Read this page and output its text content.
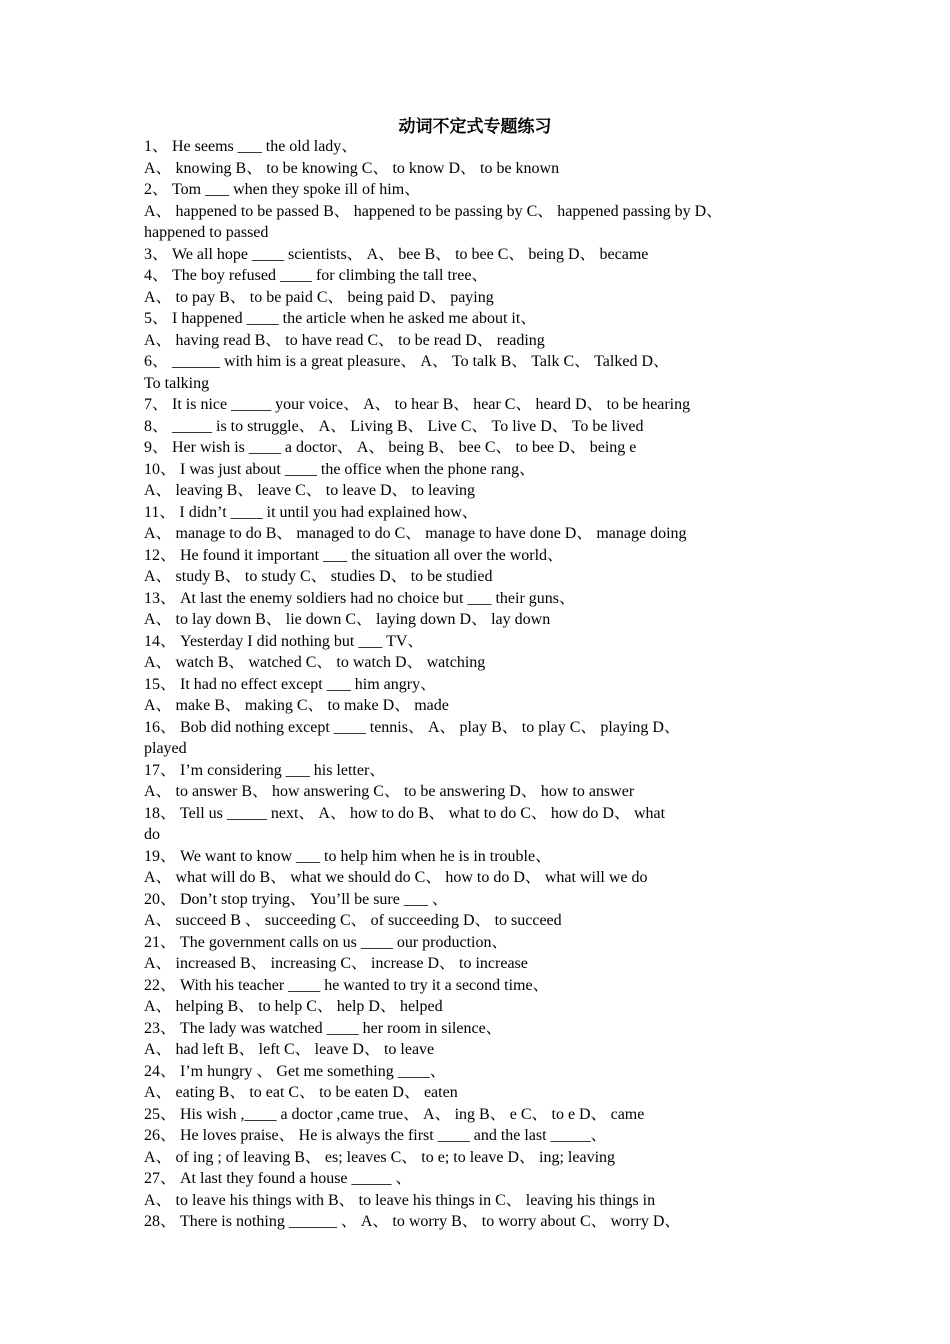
动词不定式专题练习
1、 He seems ___ the old lady、
A、 knowing B、 to be knowing C、 to know D、 to be known
2、 Tom ___ when they spoke ill of him、
A、 happened to be passed B、 happened to be passing by C、 happened passing by D、
happened to passed
3、 We all hope ____ scientists、 A、 bee B、 to bee C、 being D、 became
4、 The boy refused ____ for climbing the tall tree、
A、 to pay B、 to be paid C、 being paid D、 paying
5、 I happened ____ the article when he asked me about it、
A、 having read B、 to have read C、 to be read D、 reading
6、 ______ with him is a great pleasure、 A、 To talk B、 Talk C、 Talked D、
To talking
7、 It is nice _____ your voice、 A、 to hear B、 hear C、 heard D、 to be hearing
8、 _____ is to struggle、 A、 Living B、 Live C、 To live D、 To be lived
9、 Her wish is ____ a doctor、 A、 being B、 bee C、 to bee D、 being e
10、 I was just about ____ the office when the phone rang、
A、 leaving B、 leave C、 to leave D、 to leaving
11、 I didn’t ____ it until you had explained how、
A、 manage to do B、 managed to do C、 manage to have done D、 manage doing
12、 He found it important ___ the situation all over the world、
A、 study B、 to study C、 studies D、 to be studied
13、 At last the enemy soldiers had no choice but ___ their guns、
A、 to lay down B、 lie down C、 laying down D、 lay down
14、 Yesterday I did nothing but ___ TV、
A、 watch B、 watched C、 to watch D、 watching
15、 It had no effect except ___ him angry、
A、 make B、 making C、 to make D、 made
16、 Bob did nothing except ____ tennis、 A、 play B、 to play C、 playing D、
played
17、 I’m considering ___ his letter、
A、 to answer B、 how answering C、 to be answering D、 how to answer
18、 Tell us _____ next、 A、 how to do B、 what to do C、 how do D、 what
do
19、 We want to know ___ to help him when he is in trouble、
A、 what will do B、 what we should do C、 how to do D、 what will we do
20、 Don’t stop trying、 You’ll be sure ___ 、
A、 succeed B 、 succeeding C、 of succeeding D、 to succeed
21、 The government calls on us ____ our production、
A、 increased B、 increasing C、 increase D、 to increase
22、 With his teacher ____ he wanted to try it a second time、
A、 helping B、 to help C、 help D、 helped
23、 The lady was watched ____ her room in silence、
A、 had left B、 left C、 leave D、 to leave
24、 I’m hungry 、 Get me something ____、
A、 eating B、 to eat C、 to be eaten D、 eaten
25、 His wish ,____ a doctor ,came true、 A、 ing B、 e C、 to e D、 came
26、 He loves praise、 He is always the first ____ and the last _____、
A、 of ing ; of leaving B、 es; leaves C、 to e; to leave D、 ing; leaving
27、 At last they found a house _____ 、
A、 to leave his things with B、 to leave his things in C、 leaving his things in
28、 There is nothing ______ 、 A、 to worry B、 to worry about C、 worry D、
